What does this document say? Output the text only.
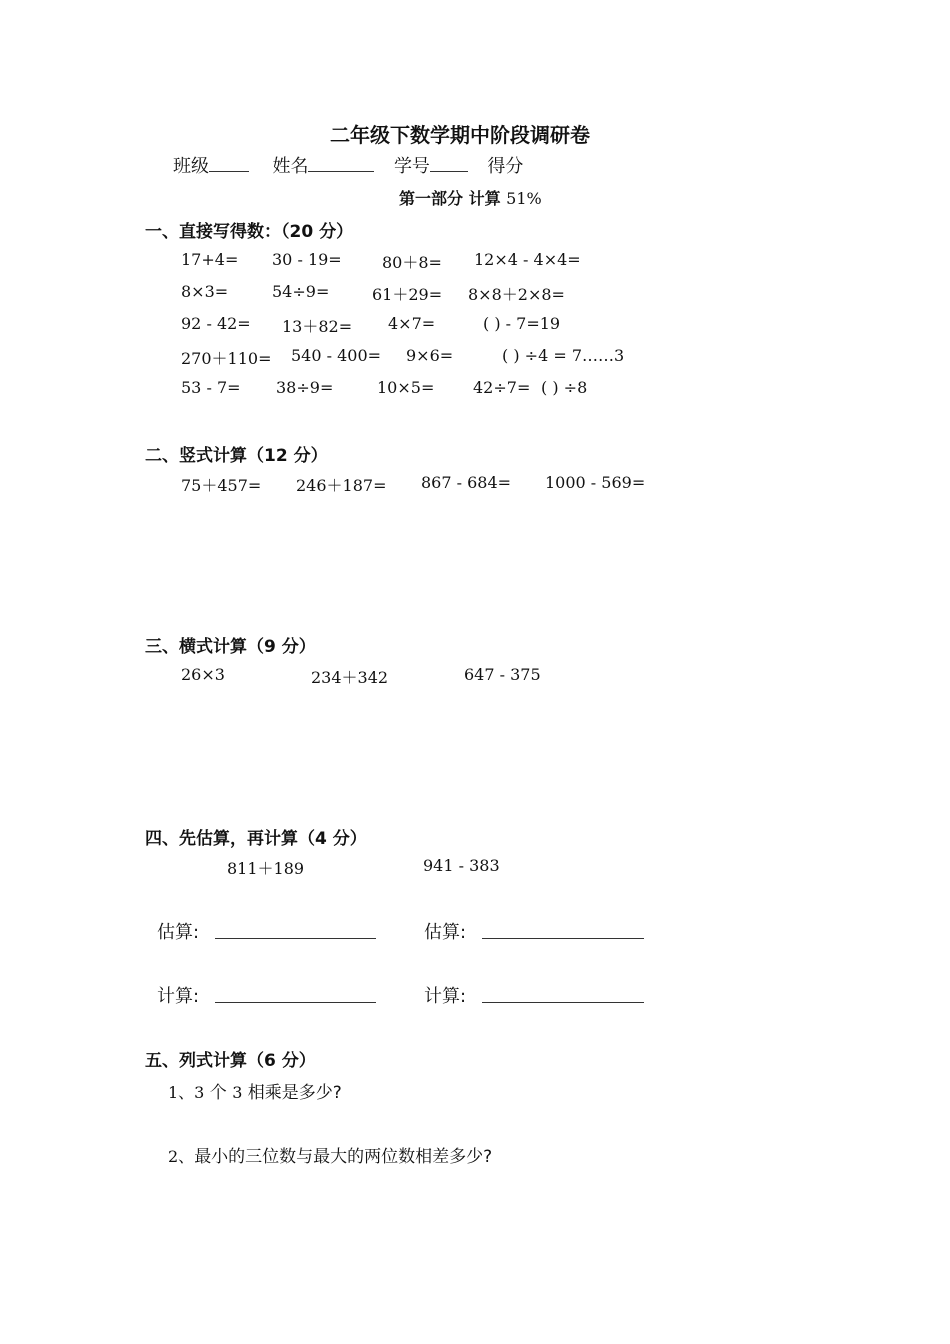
二年级下数学期中阶段调研卷
班级	姓名	学号	得分
第一部分 计算 51%
一、直接写得数：（20 分）
17+4= 30 - 19=	80＋8= 12×4 - 4×4=
8×3=	54÷9=	61＋29= 8×8＋2×8=
92 - 42= 13＋82= 4×7=	( ) - 7=19
270＋110= 540 - 400= 9×6=	( ) ÷4 = 7……3
53 - 7= 38÷9=	10×5= 42÷7= ( ) ÷8
二、竖式计算（12 分）
75＋457= 246＋187= 867 - 684= 1000 - 569=
三、横式计算（9 分）
26×3	234＋342	647 - 375
四、先估算，再计算（4 分）
811＋189	941 - 383
估算:	估算:
计算:	计算:
五、列式计算（6 分）
1、3 个 3 相乘是多少?
2、最小的三位数与最大的两位数相差多少?
